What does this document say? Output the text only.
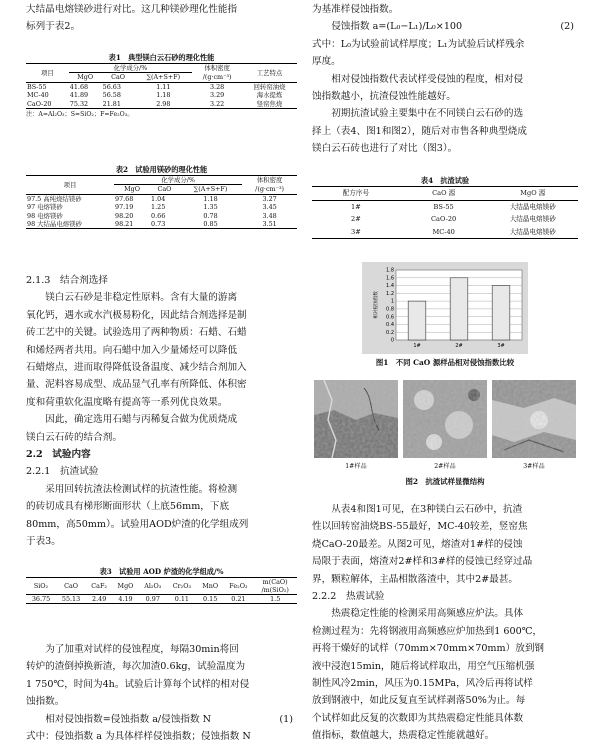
大结晶电熔镁砂进行对比。这几种镁砂理化性能指

标列于表2。

表1　 典型镁白云石砂的理化性能

项目	化学成分/%			体积密度	工艺特点
	MgO	CaO	∑(A+S+F)	/(g·cm⁻³)	
BS-55	41.68	56.63	1.11	3.28	回转窑油烧
MC-40	41.89	56.58	1.18	3.29	海水提炼
CaO-20	75.32	21.81	2.98	3.22	竖窑焦烧

注：A=Al₂O₃；S=SiO₂；F=Fe₂O₃。

表2　 试验用镁砂的理化性能

项目	化学成分/%			体积密度
	MgO	CaO	∑(A+S+F)	/(g·cm⁻³)
97.5 高纯烧结镁砂	97.68	1.04	1.18	3.27
97 电熔镁砂	97.19	1.25	1.35	3.45
98 电熔镁砂	98.20	0.66	0.78	3.48
98 大结晶电熔镁砂	98.21	0.73	0.85	3.51

2.1.3　结合剂选择

镁白云石砂是非稳定性原料。含有大量的游离

氧化钙，遇水或水汽极易粉化，因此结合剂选择是制

砖工艺中的关键。试验选用了两种物质：石蜡、石蜡

和烯烃两者共用。向石蜡中加入少量烯烃可以降低

石蜡熔点，进而取得降低设备温度、减少结合剂加入

量、泥料容易成型、成品显气孔率有所降低、体积密

度和荷重软化温度略有提高等一系列优良效果。

因此，确定选用石蜡与丙稀复合做为优质烧成

镁白云石砖的结合剂。

2.2　试验内容

2.2.1　抗渣试验

采用回转抗渣法检测试样的抗渣性能。将检测

的砖切成具有梯形断面形状（上底56mm，下底

80mm，高50mm）。试验用AOD炉渣的化学组成列

于表3。

表3　 试验用 AOD 炉渣的化学组成/%

SiO₂	CaO	CaF₂	MgO	Al₂O₃	Cr₂O₃	MnO	Fe₂O₃	m(CaO)
/m(SiO₂)
36.75	55.13	2.49	4.19	0.97	0.11	0.15	0.21	1.5

为了加重对试样的侵蚀程度，每隔30min将回

转炉的渣倒掉换新渣，每次加渣0.6kg，试验温度为

1 750℃，时间为4h。试验后计算每个试样的相对侵

蚀指数。

相对侵蚀指数=侵蚀指数 a/侵蚀指数 N	(1)

式中：侵蚀指数 a 为具体样样侵蚀指数；侵蚀指数 N

为基准样侵蚀指数。

侵蚀指数 a=(L₀−L₁)/L₀×100	(2)

式中：L₀为试验前试样厚度；L₁为试验后试样残余

厚度。

相对侵蚀指数代表试样受侵蚀的程度，相对侵

蚀指数越小，抗渣侵蚀性能越好。

初期抗渣试验主要集中在不同镁白云石砂的选

择上（表4、图1和图2），随后对市售各种典型烧成

镁白云石砖也进行了对比（图3）。

表4　 抗渣试验

配方序号	CaO 源	MgO 源
1#	BS-55	大结晶电熔镁砂
2#	CaO-20	大结晶电熔镁砂
3#	MC-40	大结晶电熔镁砂
0
0.2
0.4
0.6
0.8
1
1.2
1.4
1.6
1.8
1#	2#	3#
相对侵蚀指数

图1　不同 CaO 源样品相对侵蚀指数比较

1#样品	2#样品	3#样品

图2　抗渣试样显微结构

从表4和图1可见，在3种镁白云石砂中，抗渣

性以回转窑油烧BS-55最好，MC-40较差，竖窑焦

烧CaO-20最差。从图2可见，熔渣对1#样的侵蚀

局限于表面，熔渣对2#样和3#样的侵蚀已经穿过晶

界，颗粒解体，主晶相散落渣中，其中2#最甚。

2.2.2　热震试验

热震稳定性能的检测采用高频感应炉法。具体

检测过程为：先将钢液用高频感应炉加热到1 600℃，

再将干燥好的试样（70mm×70mm×70mm）放到钢

液中浸泡15min，随后将试样取出，用空气压缩机强

制性风冷2min，风压为0.15MPa，风冷后再将试样

放到钢液中，如此反复直至试样剥落50%为止。每

个试样如此反复的次数即为其热震稳定性能具体数

值指标，数值越大，热震稳定性能就越好。
